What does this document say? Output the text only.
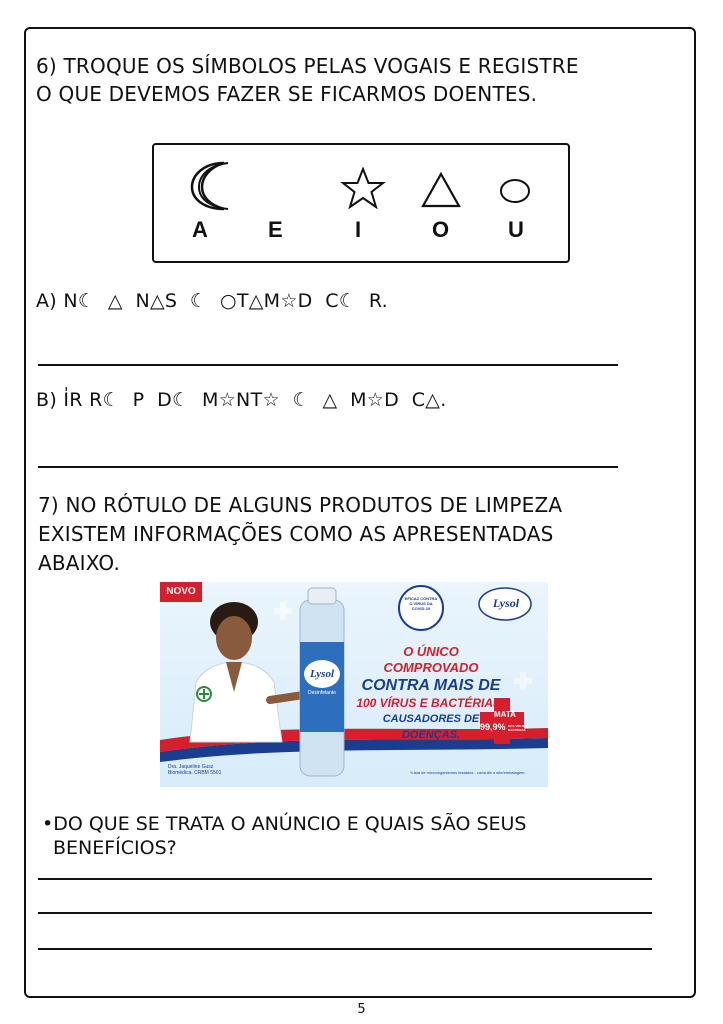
6) TROQUE OS SÍMBOLOS PELAS VOGAIS E REGISTRE
O QUE DEVEMOS FAZER SE FICARMOS DOENTES.
A	E	I	O	U
A) N☾  △  N△S  ☾  ○T△M☆D  C☾  R.
B) I̍R R☾  P  D☾  M☆NT☆  ☾  △  M☆D  C△.
7) NO RÓTULO DE ALGUNS PRODUTOS DE LIMPEZA
EXISTEM INFORMAÇÕES COMO AS APRESENTADAS
ABAIXO.
NOVO
Lysol
Lysol
Desinfetante
EFICAZ CONTRA O VÍRUS DA COVID-19
O ÚNICO COMPROVADO
CONTRA MAIS DE
100 VÍRUS E BACTÉRIAS*
CAUSADORES DE DOENÇAS.
MATA
99,9% DOS VÍRUS E BACTÉRIAS
Dra. Jaqueline Gusz
Biomédica. CRBM 5501	*Lista de microorganismos testados - consulte o site/embalagem.
•DO QUE SE TRATA O ANÚNCIO E QUAIS SÃO SEUS
BENEFÍCIOS?
5
